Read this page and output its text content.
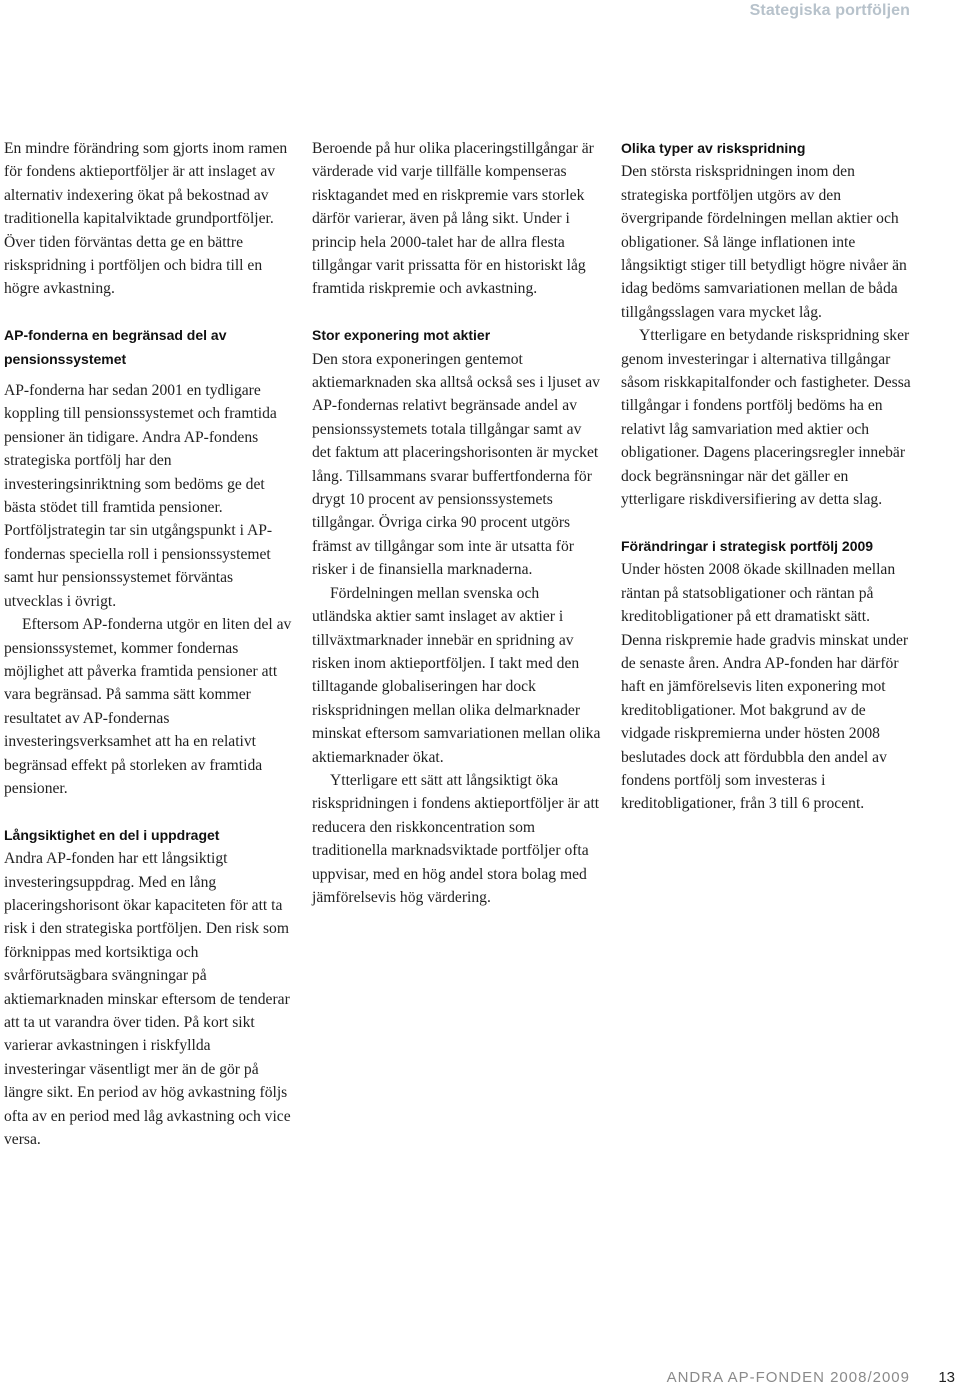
Stategiska portföljen

En mindre förändring som gjorts inom ramen för fondens aktieportföljer är att inslaget av alternativ indexering ökat på bekostnad av traditionella kapitalviktade grundportföljer. Över tiden förväntas detta ge en bättre riskspridning i portföljen och bidra till en högre avkastning.

AP-fonderna en begränsad del av pensionssystemet

AP-fonderna har sedan 2001 en tydligare koppling till pensionssystemet och framtida pensioner än tidigare. Andra AP-fondens strategiska portfölj har den investeringsinriktning som bedöms ge det bästa stödet till framtida pensioner. Portföljstrategin tar sin utgångspunkt i AP-fondernas speciella roll i pensionssystemet samt hur pensionssystemet förväntas utvecklas i övrigt.

Eftersom AP-fonderna utgör en liten del av pensionssystemet, kommer fondernas möjlighet att påverka framtida pensioner att vara begränsad. På samma sätt kommer resultatet av AP-fondernas investeringsverksamhet att ha en relativt begränsad effekt på storleken av framtida pensioner.

Långsiktighet en del i uppdraget

Andra AP-fonden har ett långsiktigt investeringsuppdrag. Med en lång placeringshorisont ökar kapaciteten för att ta risk i den strategiska portföljen. Den risk som förknippas med kortsiktiga och svårförutsägbara svängningar på aktiemarknaden minskar eftersom de tenderar att ta ut varandra över tiden. På kort sikt varierar avkastningen i riskfyllda investeringar väsentligt mer än de gör på längre sikt. En period av hög avkastning följs ofta av en period med låg avkastning och vice versa.

Beroende på hur olika placeringstillgångar är värderade vid varje tillfälle kompenseras risktagandet med en riskpremie vars storlek därför varierar, även på lång sikt. Under i princip hela 2000-talet har de allra flesta tillgångar varit prissatta för en historiskt låg framtida riskpremie och avkastning.

Stor exponering mot aktier

Den stora exponeringen gentemot aktiemarknaden ska alltså också ses i ljuset av AP-fondernas relativt begränsade andel av pensionssystemets totala tillgångar samt av det faktum att placeringshorisonten är mycket lång. Tillsammans svarar buffertfonderna för drygt 10 procent av pensionssystemets tillgångar. Övriga cirka 90 procent utgörs främst av tillgångar som inte är utsatta för risker i de finansiella marknaderna.

Fördelningen mellan svenska och utländska aktier samt inslaget av aktier i tillväxtmarknader innebär en spridning av risken inom aktieportföljen. I takt med den tilltagande globaliseringen har dock riskspridningen mellan olika delmarknader minskat eftersom samvariationen mellan olika aktiemarknader ökat.

Ytterligare ett sätt att långsiktigt öka riskspridningen i fondens aktieportföljer är att reducera den riskkoncentration som traditionella marknadsviktade portföljer ofta uppvisar, med en hög andel stora bolag med jämförelsevis hög värdering.

Olika typer av riskspridning

Den största riskspridningen inom den strategiska portföljen utgörs av den övergripande fördelningen mellan aktier och obligationer. Så länge inflationen inte långsiktigt stiger till betydligt högre nivåer än idag bedöms samvariationen mellan de båda tillgångsslagen vara mycket låg.

Ytterligare en betydande riskspridning sker genom investeringar i alternativa tillgångar såsom riskkapitalfonder och fastigheter. Dessa tillgångar i fondens portfölj bedöms ha en relativt låg samvariation med aktier och obligationer. Dagens placeringsregler innebär dock begränsningar när det gäller en ytterligare riskdiversifiering av detta slag.

Förändringar i strategisk portfölj 2009

Under hösten 2008 ökade skillnaden mellan räntan på statsobligationer och räntan på kreditobligationer på ett dramatiskt sätt. Denna riskpremie hade gradvis minskat under de senaste åren. Andra AP-fonden har därför haft en jämförelsevis liten exponering mot kreditobligationer. Mot bakgrund av de vidgade riskpremierna under hösten 2008 beslutades dock att fördubbla den andel av fondens portfölj som investeras i kreditobligationer, från 3 till 6 procent.

ANDRA AP-FONDEN 2008/2009 13
